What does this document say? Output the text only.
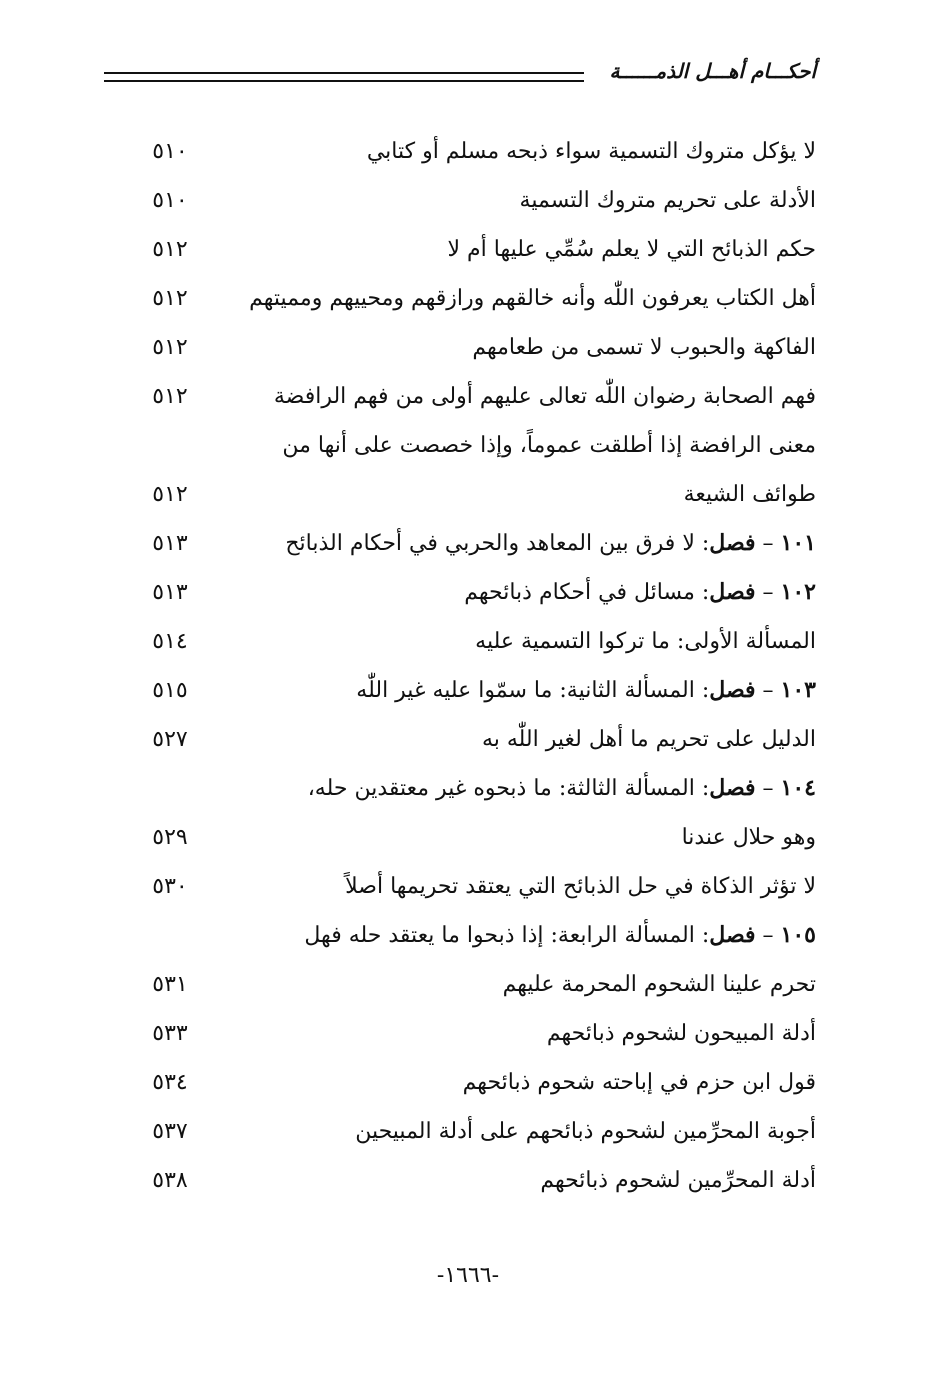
أحكـــام أهـــل الذمــــــة
لا يؤكل متروك التسمية سواء ذبحه مسلم أو كتابي
٥١٠
الأدلة على تحريم متروك التسمية
٥١٠
حكم الذبائح التي لا يعلم سُمِّي عليها أم لا
٥١٢
أهل الكتاب يعرفون اللّٰه وأنه خالقهم ورازقهم ومحييهم ومميتهم
٥١٢
الفاكهة والحبوب لا تسمى من طعامهم
٥١٢
فهم الصحابة رضوان اللّٰه تعالى عليهم أولى من فهم الرافضة
٥١٢
معنى الرافضة إذا أطلقت عموماً، وإذا خصصت على أنها من
طوائف الشيعة
٥١٢
١٠١ – فصل: لا فرق بين المعاهد والحربي في أحكام الذبائح
٥١٣
١٠٢ – فصل: مسائل في أحكام ذبائحهم
٥١٣
المسألة الأولى: ما تركوا التسمية عليه
٥١٤
١٠٣ – فصل: المسألة الثانية: ما سمّوا عليه غير اللّٰه
٥١٥
الدليل على تحريم ما أهل لغير اللّٰه به
٥٢٧
١٠٤ – فصل: المسألة الثالثة: ما ذبحوه غير معتقدين حله،
وهو حلال عندنا
٥٢٩
لا تؤثر الذكاة في حل الذبائح التي يعتقد تحريمها أصلاً
٥٣٠
١٠٥ – فصل: المسألة الرابعة: إذا ذبحوا ما يعتقد حله فهل
تحرم علينا الشحوم المحرمة عليهم
٥٣١
أدلة المبيحون لشحوم ذبائحهم
٥٣٣
قول ابن حزم في إباحته شحوم ذبائحهم
٥٣٤
أجوبة المحرِّمين لشحوم ذبائحهم على أدلة المبيحين
٥٣٧
أدلة المحرِّمين لشحوم ذبائحهم
٥٣٨
-١٦٦٦-
